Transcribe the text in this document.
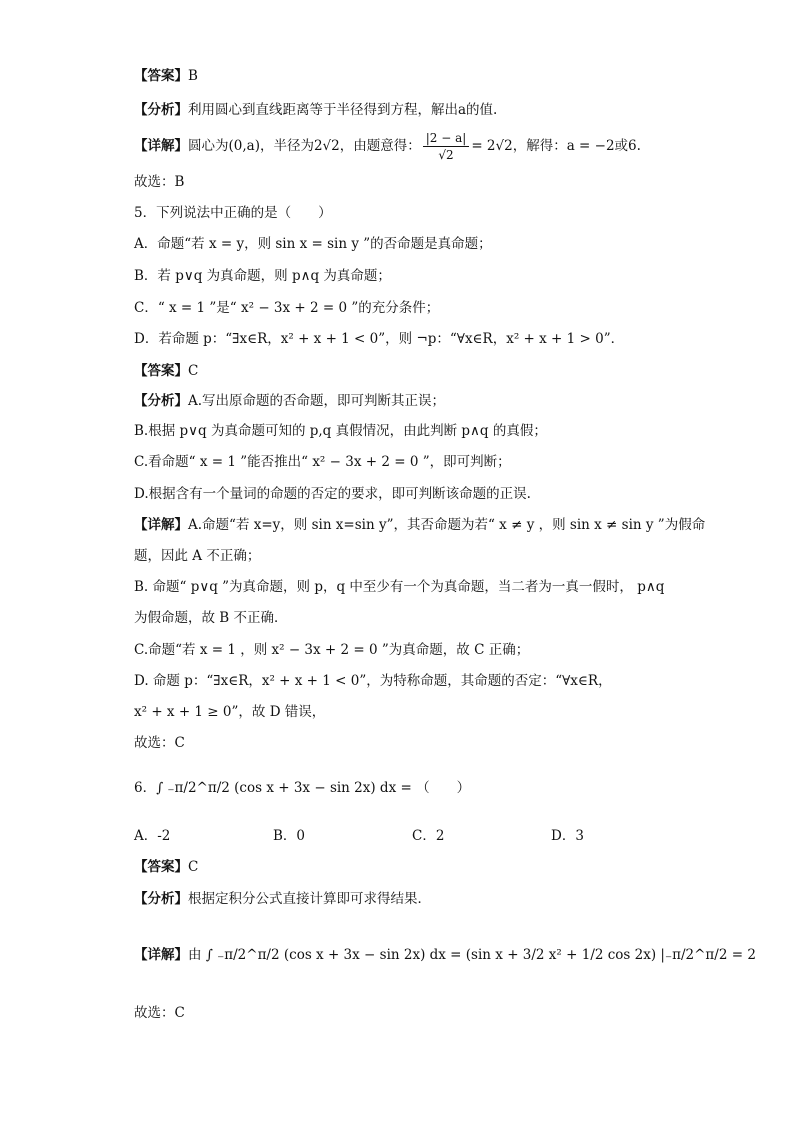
【答案】B
【分析】利用圆心到直线距离等于半径得到方程，解出a的值.
【详解】圆心为(0,a)，半径为2√2，由题意得： $\frac{|2 - a|}{√2} = 2√2$，解得：a = −2或6.
故选：B
5．下列说法中正确的是（　　）
A．命题“若 x = y，则 sin x = sin y ”的否命题是真命题；
B．若 p∨q 为真命题，则 p∧q 为真命题；
C．“ x = 1 ”是“ x² − 3x + 2 = 0 ”的充分条件；
D．若命题 p：“∃x∈R，x² + x + 1 < 0”，则 ¬p：“∀x∈R，x² + x + 1 > 0”．
【答案】C
【分析】A.写出原命题的否命题，即可判断其正误；
B.根据 p∨q 为真命题可知的 p,q 真假情况，由此判断 p∧q 的真假；
C.看命题“ x = 1 ”能否推出“ x² − 3x + 2 = 0 ”，即可判断；
D.根据含有一个量词的命题的否定的要求，即可判断该命题的正误.
【详解】A.命题“若 x=y，则 sin x=sin y”，其否命题为若“ x ≠ y ，则 sin x ≠ sin y ”为假命
题，因此 A 不正确；
B. 命题“ p∨q ”为真命题，则 p，q 中至少有一个为真命题，当二者为一真一假时， p∧q
为假命题，故 B 不正确．
C.命题“若 x = 1 ，则 x² − 3x + 2 = 0 ”为真命题，故 C 正确；
D. 命题 p：“∃x∈R，x² + x + 1 < 0”，为特称命题，其命题的否定：“∀x∈R，
x² + x + 1 ≥ 0”，故 D 错误，
故选：C
6．∫ ₋π/2^π/2 (cos x + 3x − sin 2x) dx = （　　）
A．-2	B．0	C．2	D．3
【答案】C
【分析】根据定积分公式直接计算即可求得结果．
【详解】由 ∫ ₋π/2^π/2 (cos x + 3x − sin 2x) dx = (sin x + 3/2 x² + 1/2 cos 2x) |₋π/2^π/2 = 2
故选：C
